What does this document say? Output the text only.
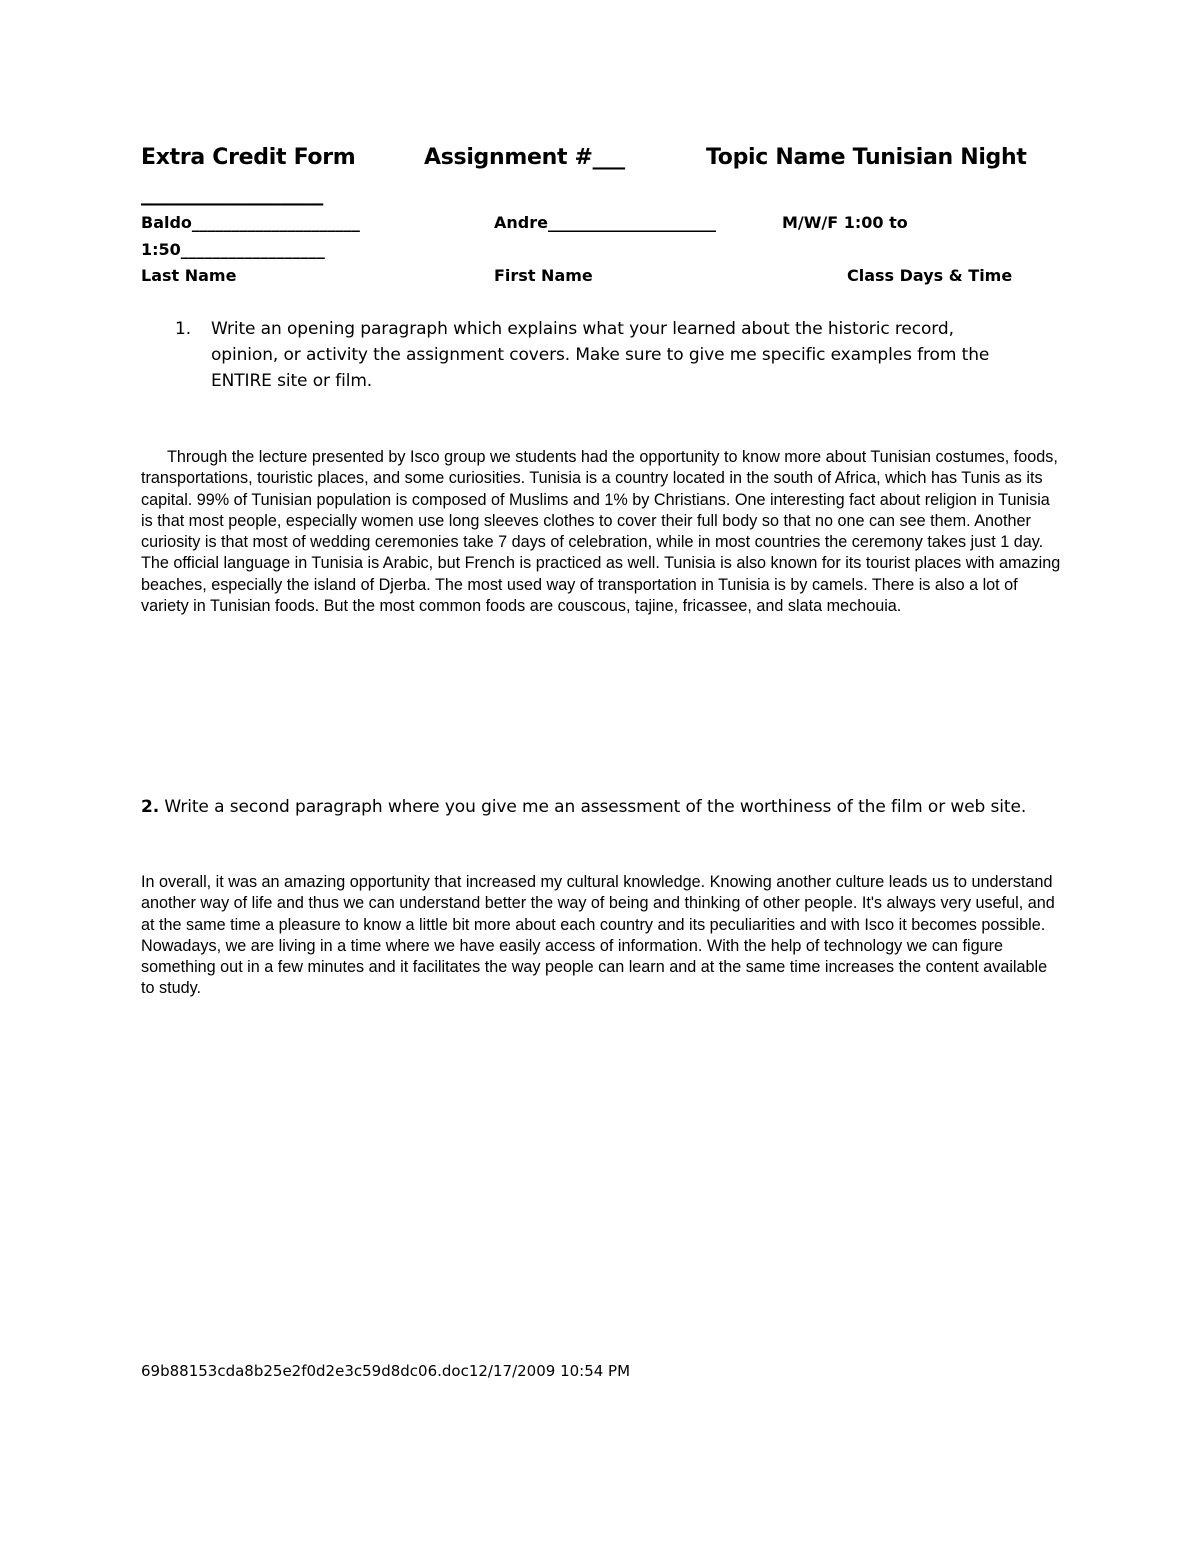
Extra Credit Form	Assignment #___	Topic Name Tunisian Night
_________________
Baldo_____________________	Andre_____________________	M/W/F 1:00 to
1:50__________________
Last Name	First Name	Class Days & Time
1. Write an opening paragraph which explains what your learned about the historic record,
opinion, or activity the assignment covers. Make sure to give me specific examples from the
ENTIRE site or film.
Through the lecture presented by Isco group we students had the opportunity to know more about Tunisian costumes, foods, transportations, touristic places, and some curiosities. Tunisia is a country located in the south of Africa, which has Tunis as its capital. 99% of Tunisian population is composed of Muslims and 1% by Christians. One interesting fact about religion in Tunisia is that most people, especially women use long sleeves clothes to cover their full body so that no one can see them. Another curiosity is that most of wedding ceremonies take 7 days of celebration, while in most countries the ceremony takes just 1 day. The official language in Tunisia is Arabic, but French is practiced as well. Tunisia is also known for its tourist places with amazing beaches, especially the island of Djerba. The most used way of transportation in Tunisia is by camels. There is also a lot of variety in Tunisian foods. But the most common foods are couscous, tajine, fricassee, and slata mechouia.
2. Write a second paragraph where you give me an assessment of the worthiness of the film or web site.
In overall, it was an amazing opportunity that increased my cultural knowledge. Knowing another culture leads us to understand another way of life and thus we can understand better the way of being and thinking of other people. It's always very useful, and at the same time a pleasure to know a little bit more about each country and its peculiarities and with Isco it becomes possible. Nowadays, we are living in a time where we have easily access of information. With the help of technology we can figure something out in a few minutes and it facilitates the way people can learn and at the same time increases the content available to study.
69b88153cda8b25e2f0d2e3c59d8dc06.doc12/17/2009 10:54 PM
